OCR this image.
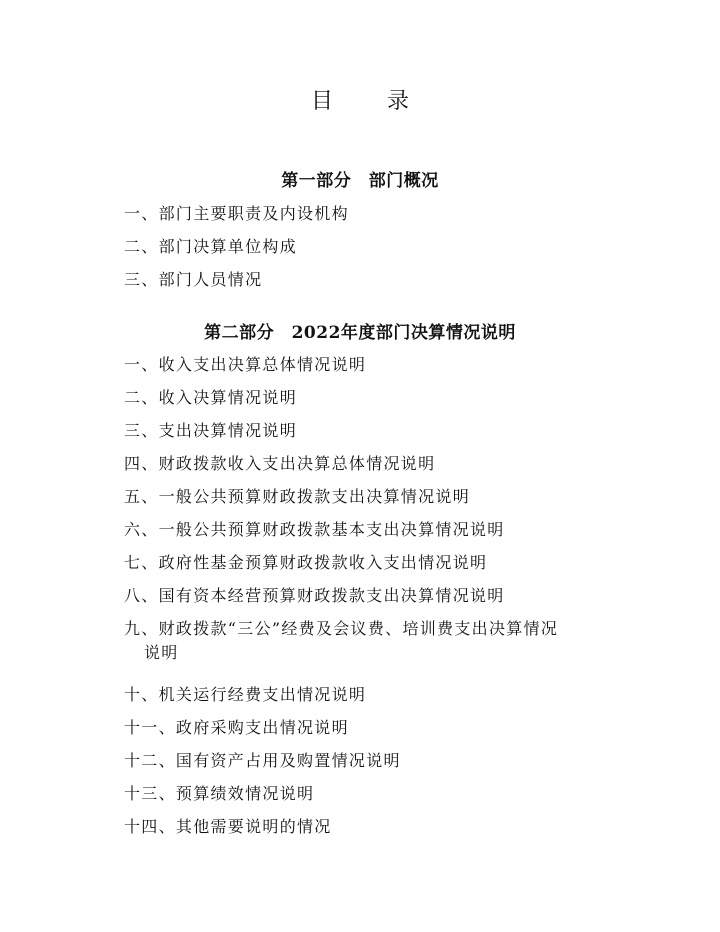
目　录
第一部分　部门概况
一、部门主要职责及内设机构
二、部门决算单位构成
三、部门人员情况
第二部分　2022年度部门决算情况说明
一、收入支出决算总体情况说明
二、收入决算情况说明
三、支出决算情况说明
四、财政拨款收入支出决算总体情况说明
五、一般公共预算财政拨款支出决算情况说明
六、一般公共预算财政拨款基本支出决算情况说明
七、政府性基金预算财政拨款收入支出情况说明
八、国有资本经营预算财政拨款支出决算情况说明
九、财政拨款“三公”经费及会议费、培训费支出决算情况
说明
十、机关运行经费支出情况说明
十一、政府采购支出情况说明
十二、国有资产占用及购置情况说明
十三、预算绩效情况说明
十四、其他需要说明的情况
